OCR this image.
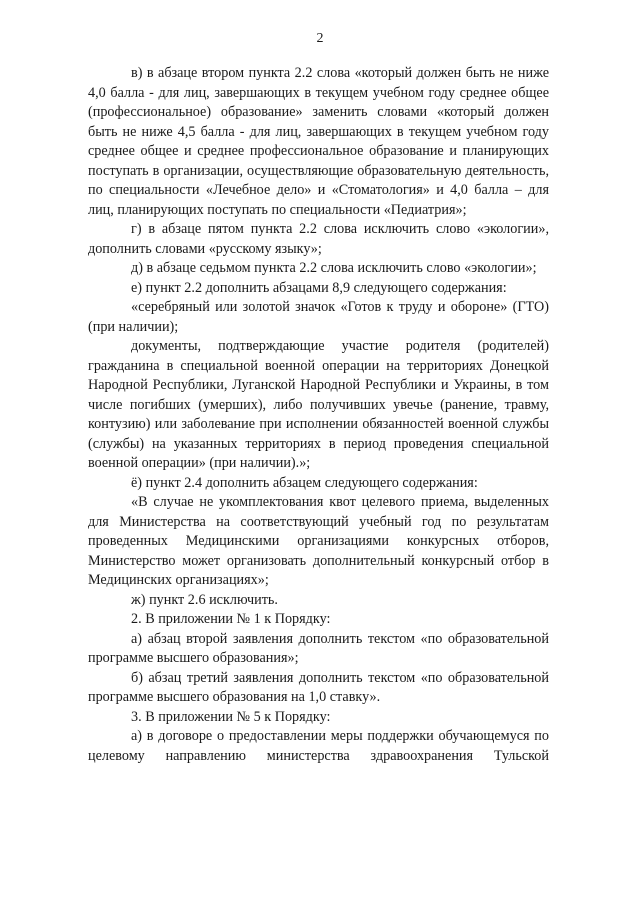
2

в) в абзаце втором пункта 2.2 слова «который должен быть не ниже 4,0 балла - для лиц, завершающих в текущем учебном году среднее общее (профессиональное) образование» заменить словами «который должен быть не ниже 4,5 балла - для лиц, завершающих в текущем учебном году среднее общее и среднее профессиональное образование и планирующих поступать в организации, осуществляющие образовательную деятельность, по специальности «Лечебное дело» и «Стоматология» и 4,0 балла – для лиц, планирующих поступать по специальности «Педиатрия»;

г) в абзаце пятом пункта 2.2 слова исключить слово «экологии», дополнить словами «русскому языку»;

д) в абзаце седьмом пункта 2.2 слова исключить слово «экологии»;

е) пункт 2.2 дополнить абзацами 8,9 следующего содержания:

«серебряный или золотой значок «Готов к труду и обороне» (ГТО) (при наличии);

документы, подтверждающие участие родителя (родителей) гражданина в специальной военной операции на территориях Донецкой Народной Республики, Луганской Народной Республики и Украины, в том числе погибших (умерших), либо получивших увечье (ранение, травму, контузию) или заболевание при исполнении обязанностей военной службы (службы) на указанных территориях в период проведения специальной военной операции» (при наличии).»;

ё) пункт 2.4 дополнить абзацем следующего содержания:

«В случае не укомплектования квот целевого приема, выделенных для Министерства на соответствующий учебный год по результатам проведенных Медицинскими организациями конкурсных отборов, Министерство может организовать дополнительный конкурсный отбор в Медицинских организациях»;

ж) пункт 2.6 исключить.

2. В приложении № 1 к Порядку:

а) абзац второй заявления дополнить текстом «по образовательной программе высшего образования»;

б) абзац третий заявления дополнить текстом «по образовательной программе высшего образования на 1,0 ставку».

3. В приложении № 5 к Порядку:

а) в договоре о предоставлении меры поддержки обучающемуся по целевому направлению министерства здравоохранения Тульской
